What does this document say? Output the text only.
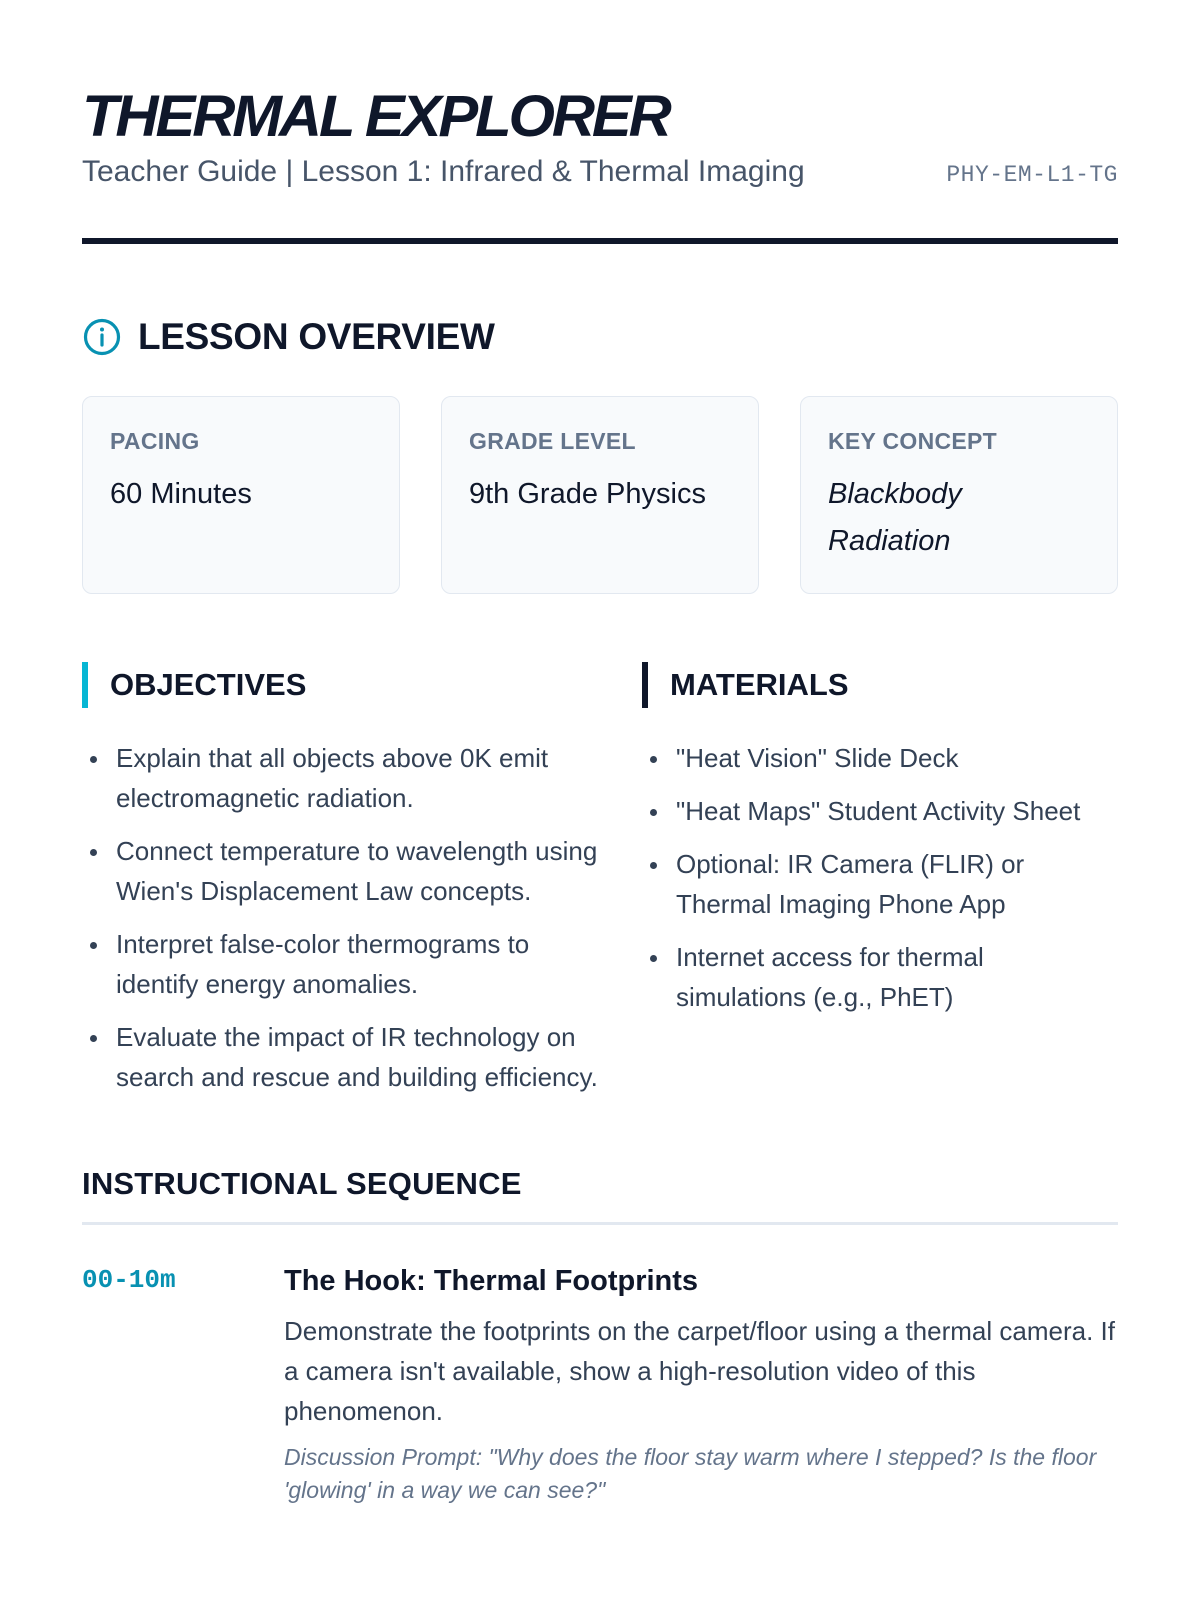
THERMAL EXPLORER
Teacher Guide | Lesson 1: Infrared & Thermal Imaging	PHY-EM-L1-TG
LESSON OVERVIEW
PACING
60 Minutes
GRADE LEVEL
9th Grade Physics
KEY CONCEPT
Blackbody Radiation
OBJECTIVES
Explain that all objects above 0K emit electromagnetic radiation.
Connect temperature to wavelength using Wien's Displacement Law concepts.
Interpret false-color thermograms to identify energy anomalies.
Evaluate the impact of IR technology on search and rescue and building efficiency.
MATERIALS
"Heat Vision" Slide Deck
"Heat Maps" Student Activity Sheet
Optional: IR Camera (FLIR) or Thermal Imaging Phone App
Internet access for thermal simulations (e.g., PhET)
INSTRUCTIONAL SEQUENCE
00-10m	The Hook: Thermal Footprints
Demonstrate the footprints on the carpet/floor using a thermal camera. If a camera isn't available, show a high-resolution video of this phenomenon.
Discussion Prompt: "Why does the floor stay warm where I stepped? Is the floor 'glowing' in a way we can see?"
